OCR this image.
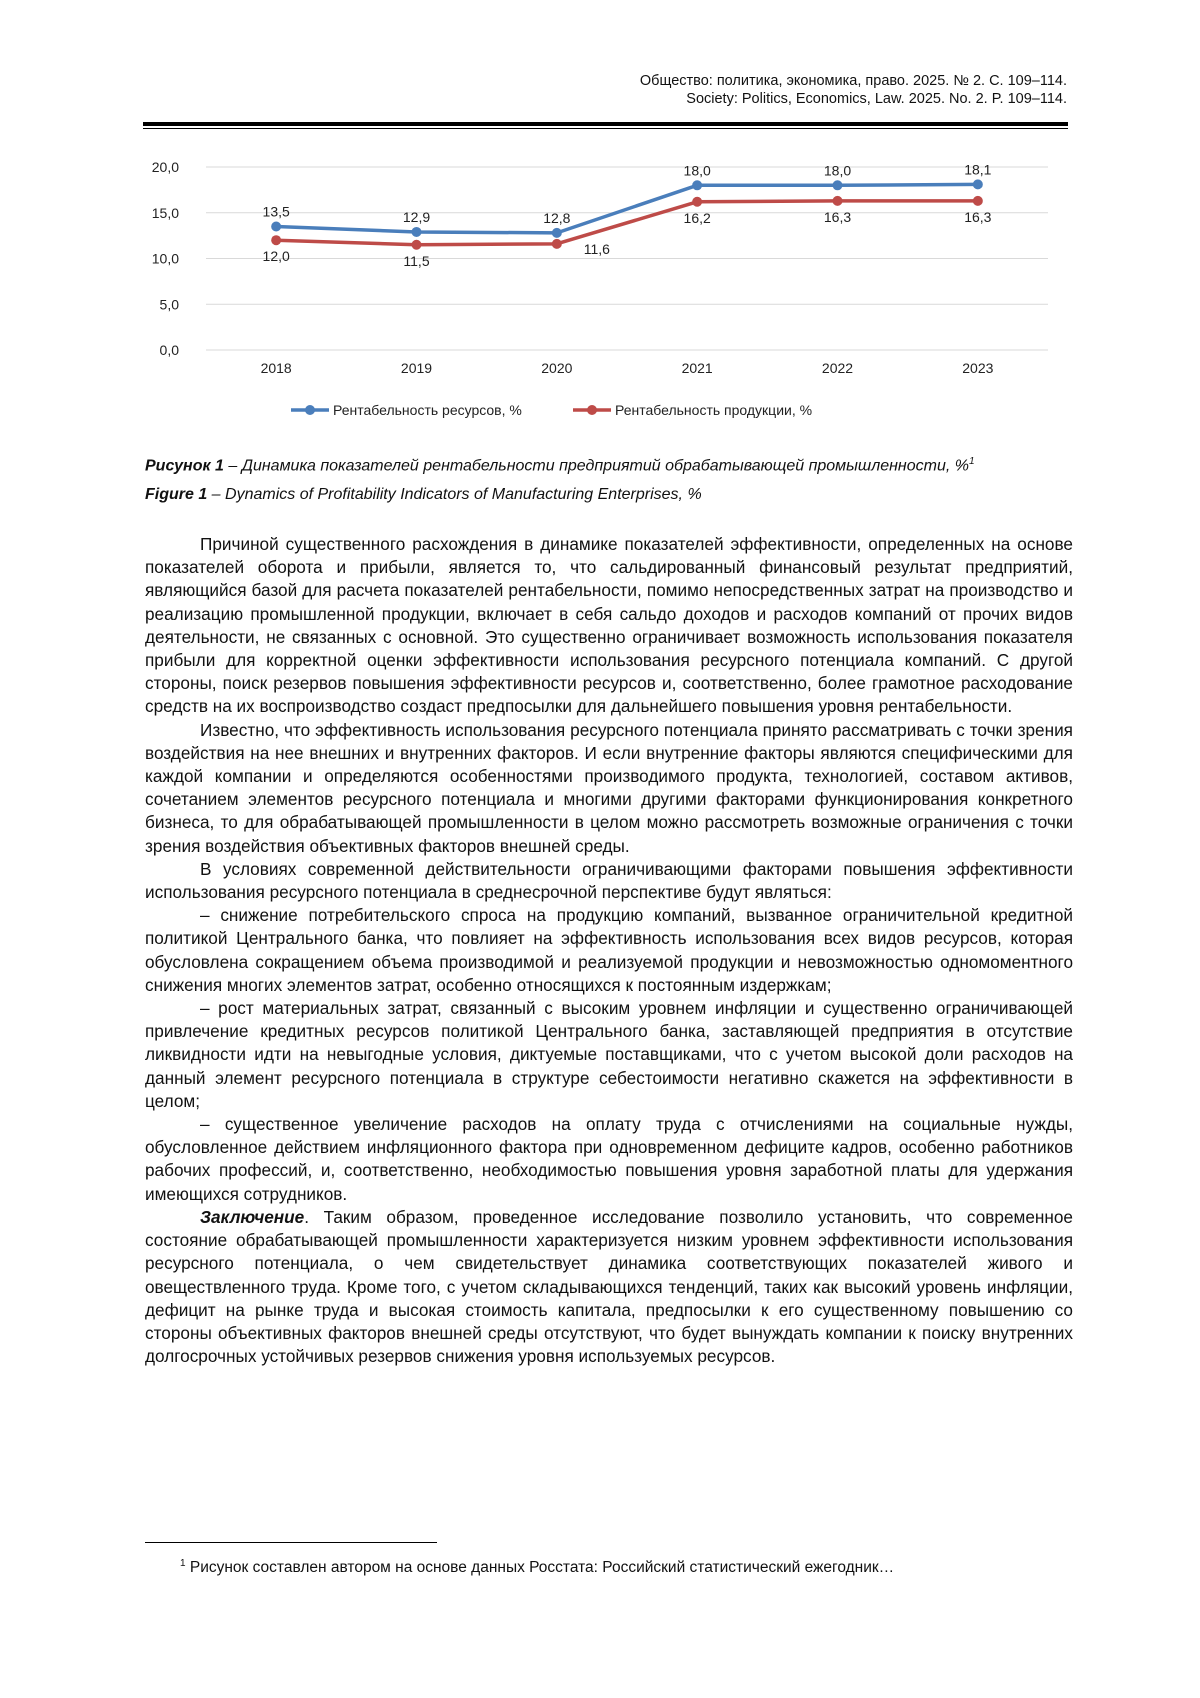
Общество: политика, экономика, право. 2025. № 2. С. 109–114.
Society: Politics, Economics, Law. 2025. No. 2. P. 109–114.
0,0
5,0
10,0
15,0
20,0
2018	2019	2020	2021	2022	2023
13,5	12,9	12,8
18,0	18,0	18,1
12,0	11,5
11,6
16,2	16,3	16,3
Рентабельность ресурсов, %	Рентабельность продукции, %
Рисунок 1 – Динамика показателей рентабельности предприятий обрабатывающей промышленности, %$^1$
Figure 1 – Dynamics of Profitability Indicators of Manufacturing Enterprises, %

Причиной существенного расхождения в динамике показателей эффективности, определенных на основе показателей оборота и прибыли, является то, что сальдированный финансовый результат предприятий, являющийся базой для расчета показателей рентабельности, помимо непосредственных затрат на производство и реализацию промышленной продукции, включает в себя сальдо доходов и расходов компаний от прочих видов деятельности, не связанных с основной. Это существенно ограничивает возможность использования показателя прибыли для корректной оценки эффективности использования ресурсного потенциала компаний. С другой стороны, поиск резервов повышения эффективности ресурсов и, соответственно, более грамотное расходование средств на их воспроизводство создаст предпосылки для дальнейшего повышения уровня рентабельности.

Известно, что эффективность использования ресурсного потенциала принято рассматривать с точки зрения воздействия на нее внешних и внутренних факторов. И если внутренние факторы являются специфическими для каждой компании и определяются особенностями производимого продукта, технологией, составом активов, сочетанием элементов ресурсного потенциала и многими другими факторами функционирования конкретного бизнеса, то для обрабатывающей промышленности в целом можно рассмотреть возможные ограничения с точки зрения воздействия объективных факторов внешней среды.

В условиях современной действительности ограничивающими факторами повышения эффективности использования ресурсного потенциала в среднесрочной перспективе будут являться:

– снижение потребительского спроса на продукцию компаний, вызванное ограничительной кредитной политикой Центрального банка, что повлияет на эффективность использования всех видов ресурсов, которая обусловлена сокращением объема производимой и реализуемой продукции и невозможностью одномоментного снижения многих элементов затрат, особенно относящихся к постоянным издержкам;

– рост материальных затрат, связанный с высоким уровнем инфляции и существенно ограничивающей привлечение кредитных ресурсов политикой Центрального банка, заставляющей предприятия в отсутствие ликвидности идти на невыгодные условия, диктуемые поставщиками, что с учетом высокой доли расходов на данный элемент ресурсного потенциала в структуре себестоимости негативно скажется на эффективности в целом;

– существенное увеличение расходов на оплату труда с отчислениями на социальные нужды, обусловленное действием инфляционного фактора при одновременном дефиците кадров, особенно работников рабочих профессий, и, соответственно, необходимостью повышения уровня заработной платы для удержания имеющихся сотрудников.

Заключение. Таким образом, проведенное исследование позволило установить, что современное состояние обрабатывающей промышленности характеризуется низким уровнем эффективности использования ресурсного потенциала, о чем свидетельствует динамика соответствующих показателей живого и овеществленного труда. Кроме того, с учетом складывающихся тенденций, таких как высокий уровень инфляции, дефицит на рынке труда и высокая стоимость капитала, предпосылки к его существенному повышению со стороны объективных факторов внешней среды отсутствуют, что будет вынуждать компании к поиску внутренних долгосрочных устойчивых резервов снижения уровня используемых ресурсов.

$^1$ Рисунок составлен автором на основе данных Росстата: Российский статистический ежегодник…
